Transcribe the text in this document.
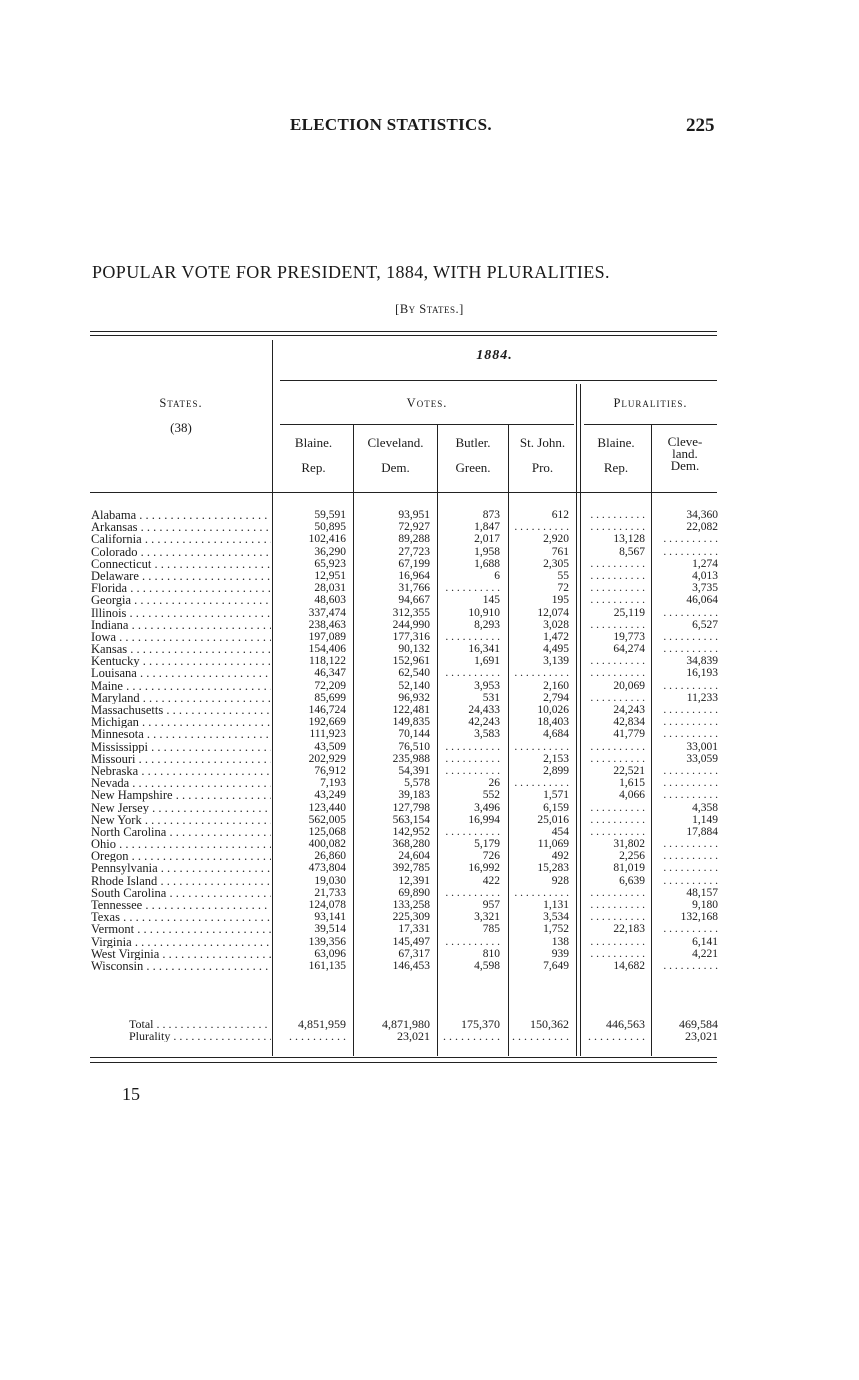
ELECTION STATISTICS.	225
POPULAR VOTE FOR PRESIDENT, 1884, WITH PLURALITIES.
[By States.]
1884.
States.
(38)
Votes.	Pluralities.
Blaine.
Rep.
Cleveland.
Dem.
Butler.
Green.
St. John.
Pro.
Blaine.
Rep.
Cleve-land.
Dem.
Alabama . . .
Arkansas . . .
California . . .
Colorado . . .
Connecticut . . .
Delaware . . .
Florida . . .
Georgia . . .
Illinois . . .
Indiana . . .
Iowa . . .
Kansas . . .
Kentucky . . .
Louisana . . .
Maine . . .
Maryland . . .
Massachusetts . . .
Michigan . . .
Minnesota . . .
Mississippi . . .
Missouri . . .
Nebraska . . .
Nevada . . .
New Hampshire . . .
New Jersey . . .
New York . . .
North Carolina . . .
Ohio . . .
Oregon . . .
Pennsylvania . . .
Rhode Island . . .
South Carolina . . .
Tennessee . . .
Texas . . .
Vermont . . .
Virginia . . .
West Virginia . . .
Wisconsin . . .
59,591
50,895
102,416
36,290
65,923
12,951
28,031
48,603
337,474
238,463
197,089
154,406
118,122
46,347
72,209
85,699
146,724
192,669
111,923
43,509
202,929
76,912
7,193
43,249
123,440
562,005
125,068
400,082
26,860
473,804
19,030
21,733
124,078
93,141
39,514
139,356
63,096
161,135
93,951
72,927
89,288
27,723
67,199
16,964
31,766
94,667
312,355
244,990
177,316
90,132
152,961
62,540
52,140
96,932
122,481
149,835
70,144
76,510
235,988
54,391
5,578
39,183
127,798
563,154
142,952
368,280
24,604
392,785
12,391
69,890
133,258
225,309
17,331
145,497
67,317
146,453
873
1,847
2,017
1,958
1,688
6
. . . . . . . . . .
145
10,910
8,293
. . . . . . . . . .
16,341
1,691
. . . . . . . . . .
3,953
531
24,433
42,243
3,583
. . . . . . . . . .
. . . . . . . . . .
. . . . . . . . . .
26
552
3,496
16,994
. . . . . . . . . .
5,179
726
16,992
422
. . . . . . . . . .
957
3,321
785
. . . . . . . . . .
810
4,598
612
. . . . . . . . . .
2,920
761
2,305
55
72
195
12,074
3,028
1,472
4,495
3,139
. . . . . . . . . .
2,160
2,794
10,026
18,403
4,684
. . . . . . . . . .
2,153
2,899
. . . . . . . . . .
1,571
6,159
25,016
454
11,069
492
15,283
928
. . . . . . . . . .
1,131
3,534
1,752
138
939
7,649
. . . . . . . . . .
. . . . . . . . . .
13,128
8,567
. . . . . . . . . .
. . . . . . . . . .
. . . . . . . . . .
. . . . . . . . . .
25,119
. . . . . . . . . .
19,773
64,274
. . . . . . . . . .
. . . . . . . . . .
20,069
. . . . . . . . . .
24,243
42,834
41,779
. . . . . . . . . .
. . . . . . . . . .
22,521
1,615
4,066
. . . . . . . . . .
. . . . . . . . . .
. . . . . . . . . .
31,802
2,256
81,019
6,639
. . . . . . . . . .
. . . . . . . . . .
. . . . . . . . . .
22,183
. . . . . . . . . .
. . . . . . . . . .
14,682
34,360
22,082
. . . . . . . . . .
. . . . . . . . . .
1,274
4,013
3,735
46,064
. . . . . . . . . .
6,527
. . . . . . . . . .
. . . . . . . . . .
34,839
16,193
. . . . . . . . . .
11,233
. . . . . . . . . .
. . . . . . . . . .
. . . . . . . . . .
33,001
33,059
. . . . . . . . . .
. . . . . . . . . .
. . . . . . . . . .
4,358
1,149
17,884
. . . . . . . . . .
. . . . . . . . . .
. . . . . . . . . .
. . . . . . . . . .
48,157
9,180
132,168
. . . . . . . . . .
6,141
4,221
. . . . . . . . . .
Total . . .
Plurality . . .
4,851,959
. . . . . . . . . .
4,871,980
23,021
175,370
. . . . . . . . . .
150,362
. . . . . . . . . .
446,563
. . . . . . . . . .
469,584
23,021
15
